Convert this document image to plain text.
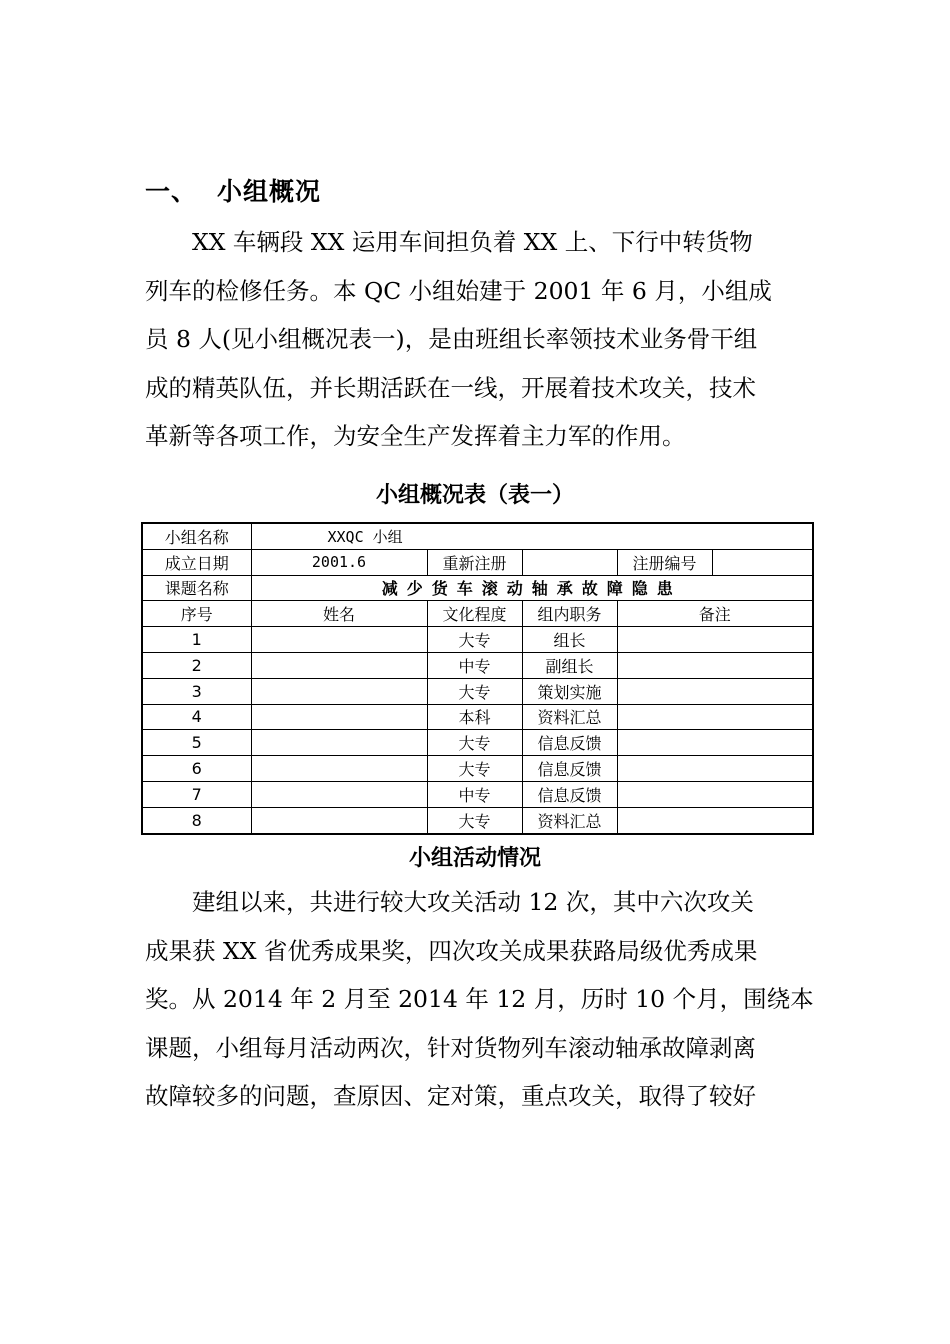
一、 小组概况

　　XX 车辆段 XX 运用车间担负着 XX 上、下行中转货物

列车的检修任务。本 QC 小组始建于 2001 年 6 月，小组成

员 8 人(见小组概况表一)，是由班组长率领技术业务骨干组

成的精英队伍，并长期活跃在一线，开展着技术攻关，技术

革新等各项工作，为安全生产发挥着主力军的作用。

小组概况表（表一）
小组名称	XXQC 小组				
成立日期	2001.6	重新注册		注册编号	
课题名称	减少货车滚动轴承故障隐患				
序号	姓名	文化程度	组内职务	备注	
1		大专	组长		
2		中专	副组长		
3		大专	策划实施		
4		本科	资料汇总		
5		大专	信息反馈		
6		大专	信息反馈		
7		中专	信息反馈		
8		大专	资料汇总		
小组活动情况

　　建组以来，共进行较大攻关活动 12 次，其中六次攻关

成果获 XX 省优秀成果奖，四次攻关成果获路局级优秀成果

奖。从 2014 年 2 月至 2014 年 12 月，历时 10 个月，围绕本

课题，小组每月活动两次，针对货物列车滚动轴承故障剥离

故障较多的问题，查原因、定对策，重点攻关，取得了较好
